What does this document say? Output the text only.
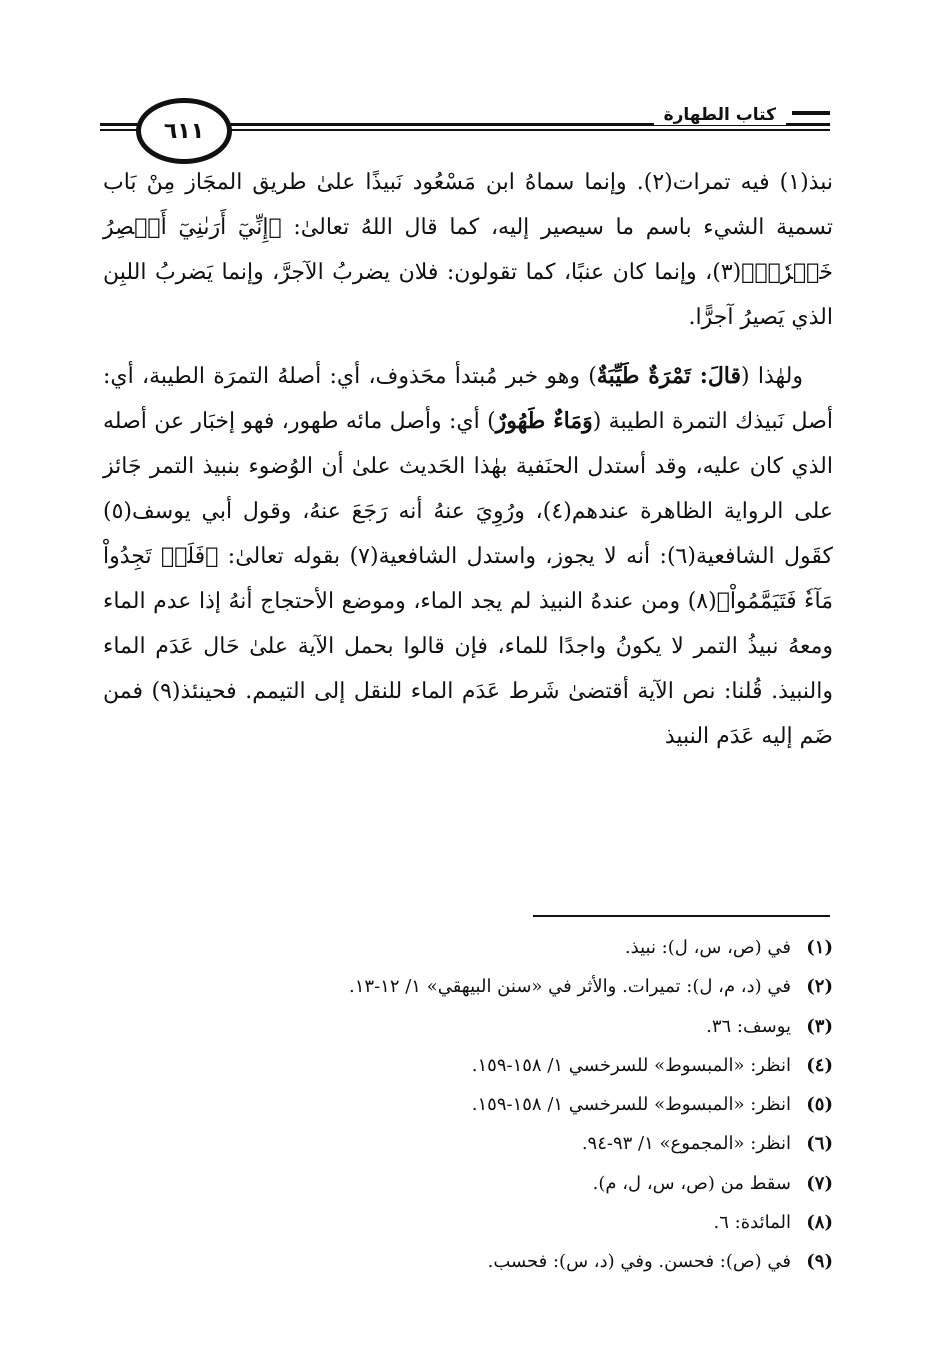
كتاب الطهارة
٦١١

نبذ(١) فيه تمرات(٢). وإنما سماهُ ابن مَسْعُود نَبيذًا علىٰ طريق المجَاز مِنْ بَاب تسمية الشيء باسم ما سيصير إليه، كما قال اللهُ تعالىٰ: ﴿إِنِّيٓ أَرَىٰنِيٓ أَعۡصِرُ خَمۡرٗاۖ﴾(٣)، وإنما كان عنبًا، كما تقولون: فلان يضربُ الآجرَّ، وإنما يَضربُ اللبِن الذي يَصيرُ آجرًّا.

ولهٰذا (قالَ: تَمْرَةٌ طَيِّبَةٌ) وهو خبر مُبتدأ محَذوف، أي: أصلهُ التمرَة الطيبة، أي: أصل نَبيذك التمرة الطيبة (وَمَاءٌ طَهُورٌ) أي: وأصل مائه طهور، فهو إخبَار عن أصله الذي كان عليه، وقد أستدل الحنَفية بهٰذا الحَديث علىٰ أن الوُضوء بنبيذ التمر جَائز على الرواية الظاهرة عندهم(٤)، ورُوِيَ عنهُ أنه رَجَعَ عنهُ، وقول أبي يوسف(٥) كقَول الشافعية(٦): أنه لا يجوز، واستدل الشافعية(٧) بقوله تعالىٰ: ﴿فَلَمۡ تَجِدُواْ مَآءٗ فَتَيَمَّمُواْ﴾(٨) ومن عندهُ النبيذ لم يجد الماء، وموضع الأحتجاج أنهُ إذا عدم الماء ومعهُ نبيذُ التمر لا يكونُ واجدًا للماء، فإن قالوا بحمل الآية علىٰ حَال عَدَم الماء والنبيذ. قُلنا: نص الآية أقتضىٰ شَرط عَدَم الماء للنقل إلى التيمم. فحينئذ(٩) فمن ضَم إليه عَدَم النبيذ

(١)في (ص، س، ل): نبيذ.
(٢)في (د، م، ل): تميرات. والأثر في «سنن البيهقي» ١/ ١٢-١٣.
(٣)يوسف: ٣٦.
(٤)انظر: «المبسوط» للسرخسي ١/ ١٥٨-١٥٩.
(٥)انظر: «المبسوط» للسرخسي ١/ ١٥٨-١٥٩.
(٦)انظر: «المجموع» ١/ ٩٣-٩٤.
(٧)سقط من (ص، س، ل، م).
(٨)المائدة: ٦.
(٩)في (ص): فحسن. وفي (د، س): فحسب.
